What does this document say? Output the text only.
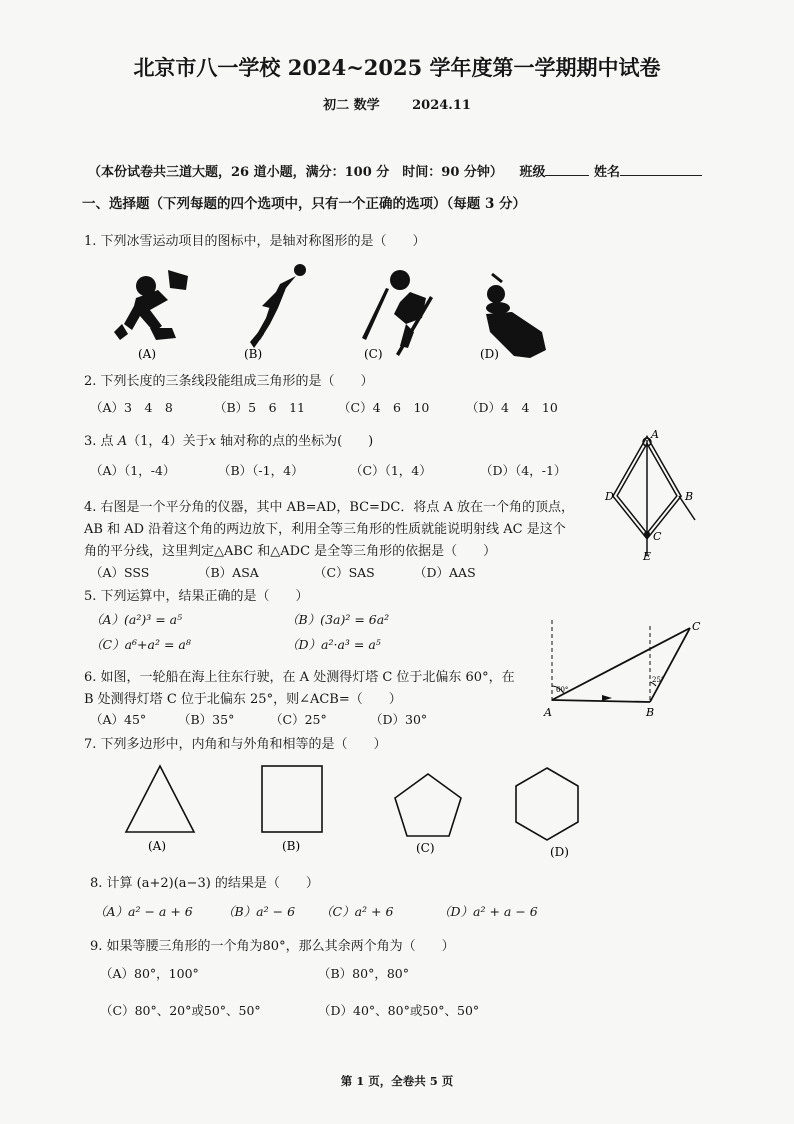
北京市八一学校 2024~2025 学年度第一学期期中试卷
初二 数学	2024.11
（本份试卷共三道大题，26 道小题，满分：100 分　时间：90 分钟） 班级	姓名
一、选择题（下列每题的四个选项中，只有一个正确的选项）（每题 3 分）
1. 下列冰雪运动项目的图标中，是轴对称图形的是（　　）
(A)	(B)	(C)	(D)
2. 下列长度的三条线段能组成三角形的是（　　）
（A）3　4　8	（B）5　6　11	（C）4　6　10	（D）4　4　10
3. 点 A（1，4）关于x 轴对称的点的坐标为(　　)
（A）（1，-4）	（B）（-1，4）	（C）（1，4）	（D）（4，-1）
D	B
C
E
A
4. 右图是一个平分角的仪器，其中 AB=AD，BC=DC．将点 A 放在一个角的顶点，
AB 和 AD 沿着这个角的两边放下，利用全等三角形的性质就能说明射线 AC 是这个
角的平分线，这里判定△ABC 和△ADC 是全等三角形的依据是（　　）
（A）SSS	（B）ASA	（C）SAS	（D）AAS
5. 下列运算中，结果正确的是（　　）
（A）(a²)³ = a⁵	（B）(3a)² = 6a²
（C）a⁶+a² = a⁸	（D）a²·a³ = a⁵
A	B
C
60°
25°
6. 如图，一轮船在海上往东行驶，在 A 处测得灯塔 C 位于北偏东 60°，在
B 处测得灯塔 C 位于北偏东 25°，则∠ACB=（　　）
（A）45°	（B）35°	（C）25°	（D）30°
7. 下列多边形中，内角和与外角和相等的是（　　）
(A)	(B)	(C)	(D)
8. 计算 (a+2)(a−3) 的结果是（　　）
（A）a² − a + 6 （B）a² − 6 （C）a² + 6	（D）a² + a − 6
9. 如果等腰三角形的一个角为80°，那么其余两个角为（　　）
（A）80°，100°	（B）80°，80°
（C）80°、20°或50°、50°	（D）40°、80°或50°、50°
第 1 页，全卷共 5 页
